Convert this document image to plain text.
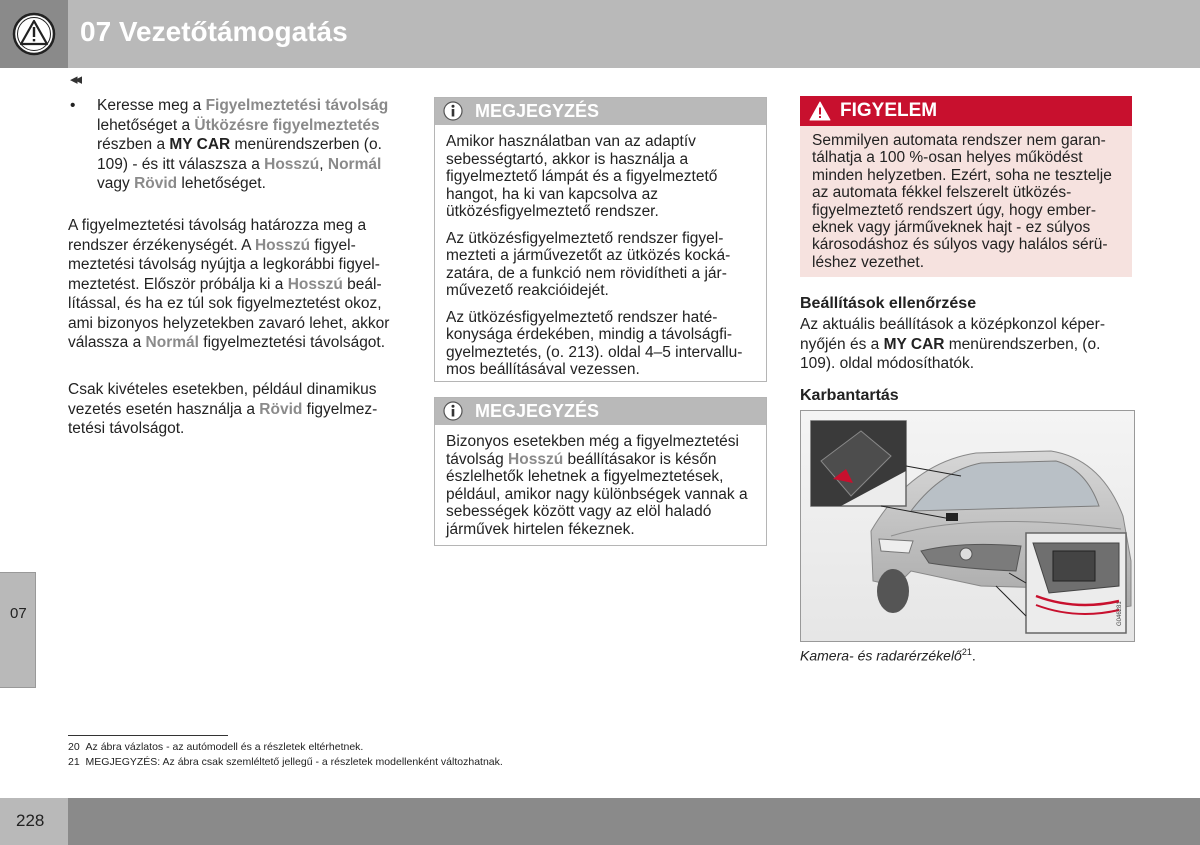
07 Vezetőtámogatás
◂◂
07
• Keresse meg a Figyelmeztetési távolság lehetőséget a Ütközésre figyelmeztetés részben a MY CAR menürendszerben (o. 109) - és itt válaszsza a Hosszú, Normál vagy Rövid lehetőséget.
A figyelmeztetési távolság határozza meg a rendszer érzékenységét. A Hosszú figyelmeztetési távolság nyújtja a legkorábbi figyelmeztetést. Először próbálja ki a Hosszú beállítással, és ha ez túl sok figyelmeztetést okoz, ami bizonyos helyzetekben zavaró lehet, akkor válassza a Normál figyelmeztetési távolságot.
Csak kivételes esetekben, például dinamikus vezetés esetén használja a Rövid figyelmeztetési távolságot.
MEGJEGYZÉS

Amikor használatban van az adaptív sebességtartó, akkor is használja a figyelmeztető lámpát és a figyelmeztető hangot, ha ki van kapcsolva az ütközésfigyelmeztető rendszer.

Az ütközésfigyelmeztető rendszer figyelmezteti a járművezetőt az ütközés kockázatára, de a funkció nem rövidítheti a járművezető reakcióidejét.

Az ütközésfigyelmeztető rendszer hatékonysága érdekében, mindig a távolságfigyelmeztetés, (o. 213). oldal 4–5 intervallumos beállításával vezessen.

MEGJEGYZÉS

Bizonyos esetekben még a figyelmeztetési távolság Hosszú beállításakor is későn észlelhetők lehetnek a figyelmeztetések, például, amikor nagy különbségek vannak a sebességek között vagy az elöl haladó járművek hirtelen fékeznek.

FIGYELEM
Semmilyen automata rendszer nem garantálhatja a 100 %-osan helyes működést minden helyzetben. Ezért, soha ne tesztelje az automata fékkel felszerelt ütközésfigyelmeztető rendszert úgy, hogy embereknek vagy járműveknek hajt - ez súlyos károsodáshoz és súlyos vagy halálos sérüléshez vezethet.
Beállítások ellenőrzése
Az aktuális beállítások a középkonzol képernyőjén és a MY CAR menürendszerben, (o. 109). oldal módosíthatók.
Karbantartás
G046281
Kamera- és radarérzékelő$^{21}$.
20 Az ábra vázlatos - az autómodell és a részletek eltérhetnek.
21 MEGJEGYZÉS: Az ábra csak szemléltető jellegű - a részletek modellenként változhatnak.
228
